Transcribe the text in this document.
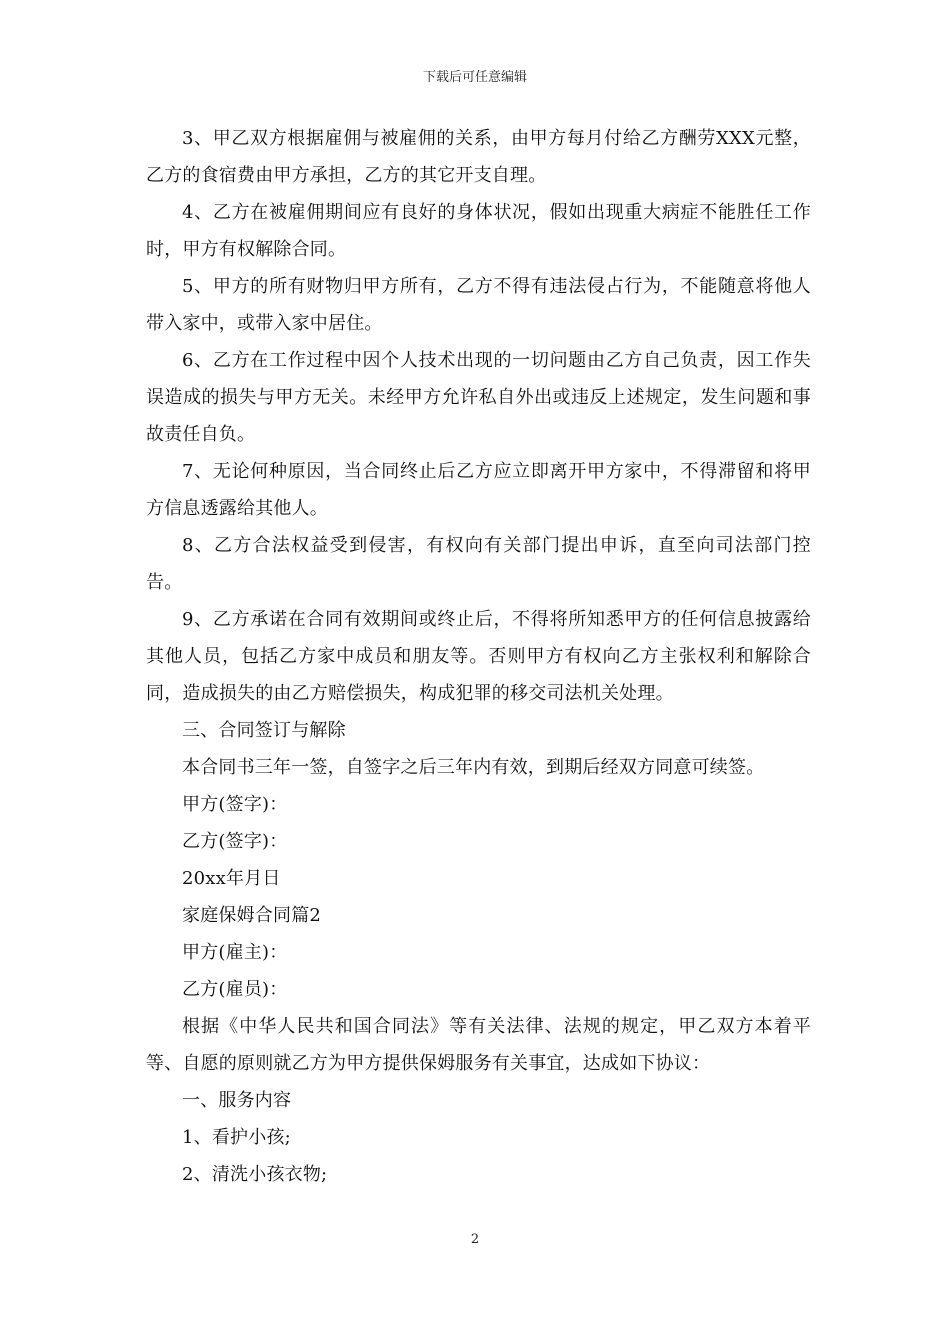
下载后可任意编辑

3、甲乙双方根据雇佣与被雇佣的关系，由甲方每月付给乙方酬劳XXX元整，乙方的食宿费由甲方承担，乙方的其它开支自理。

4、乙方在被雇佣期间应有良好的身体状况，假如出现重大病症不能胜任工作时，甲方有权解除合同。

5、甲方的所有财物归甲方所有，乙方不得有违法侵占行为，不能随意将他人带入家中，或带入家中居住。

6、乙方在工作过程中因个人技术出现的一切问题由乙方自己负责，因工作失误造成的损失与甲方无关。未经甲方允许私自外出或违反上述规定，发生问题和事故责任自负。

7、无论何种原因，当合同终止后乙方应立即离开甲方家中，不得滞留和将甲方信息透露给其他人。

8、乙方合法权益受到侵害，有权向有关部门提出申诉，直至向司法部门控告。

9、乙方承诺在合同有效期间或终止后，不得将所知悉甲方的任何信息披露给其他人员，包括乙方家中成员和朋友等。否则甲方有权向乙方主张权利和解除合同，造成损失的由乙方赔偿损失，构成犯罪的移交司法机关处理。

三、合同签订与解除

本合同书三年一签，自签字之后三年内有效，到期后经双方同意可续签。

甲方(签字)：

乙方(签字)：

20xx年月日

家庭保姆合同篇2

甲方(雇主)：

乙方(雇员)：

根据《中华人民共和国合同法》等有关法律、法规的规定，甲乙双方本着平等、自愿的原则就乙方为甲方提供保姆服务有关事宜，达成如下协议：

一、服务内容

1、看护小孩;

2、清洗小孩衣物;

2
